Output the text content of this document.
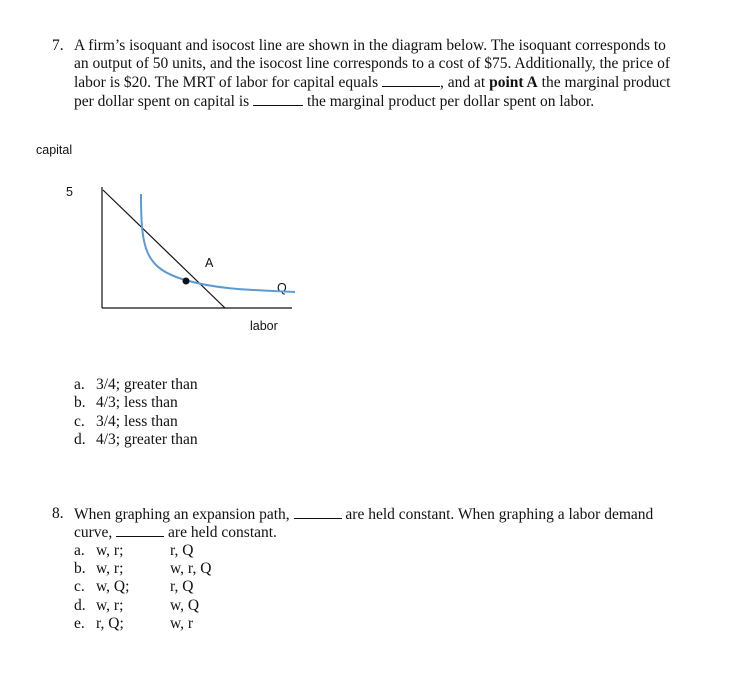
7. A firm’s isoquant and isocost line are shown in the diagram below. The isoquant corresponds to
an output of 50 units, and the isocost line corresponds to a cost of $75. Additionally, the price of
labor is $20. The MRT of labor for capital equals	, and at point A the marginal product
per dollar spent on capital is	the marginal product per dollar spent on labor.
capital
5
A
Q
labor
a. 3/4; greater than
b. 4/3; less than
c. 3/4; less than
d. 4/3; greater than
8. When graphing an expansion path,	are held constant. When graphing a labor demand
curve,	are held constant.
a. w, r;	r, Q
b. w, r;	w, r, Q
c. w, Q;	r, Q
d. w, r;	w, Q
e. r, Q;	w, r
